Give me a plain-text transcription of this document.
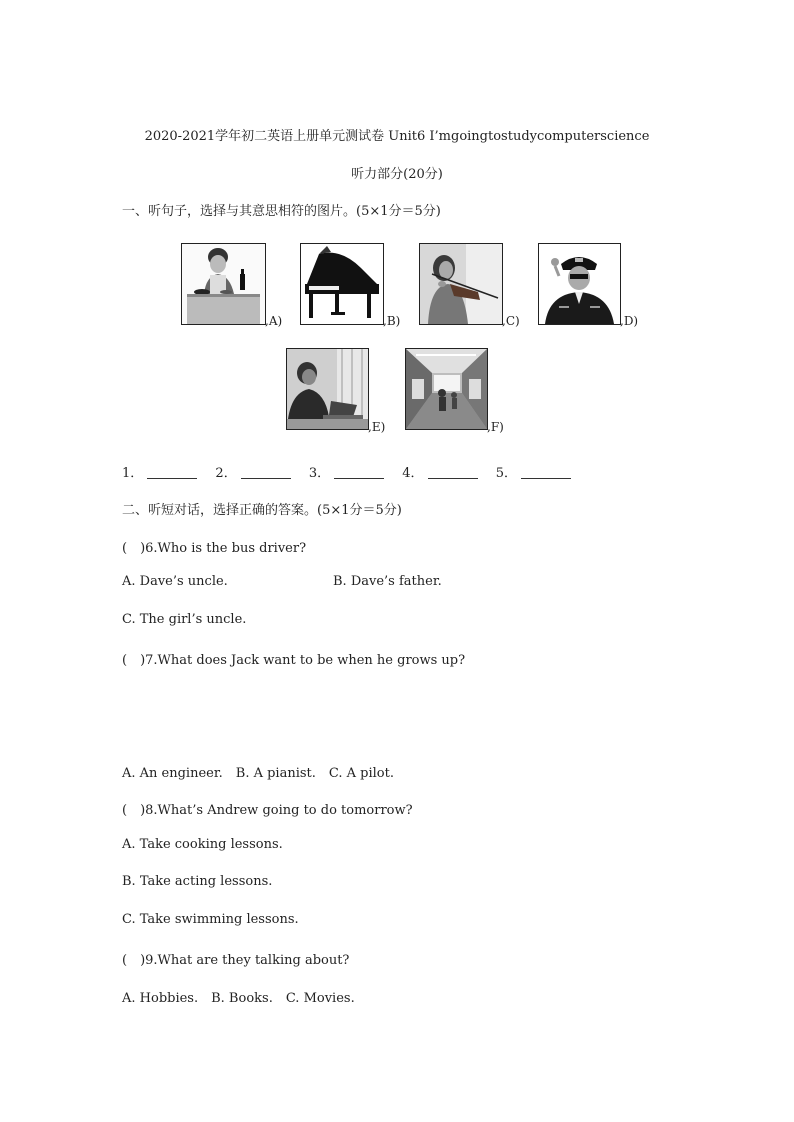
2020-2021学年初二英语上册单元测试卷 Unit6 I’mgoingtostudycomputerscience
听力部分(20分)
一、听句子，选择与其意思相符的图片。(5×1分＝5分)
,A)	,B)	,C)	,D)
,E)	,F)
1．	2．	3．	4．	5．
二、听短对话，选择正确的答案。(5×1分＝5分)
(　)6.Who is the bus driver?
A. Dave’s uncle.	B. Dave’s father.
C. The girl’s uncle.
(　)7.What does Jack want to be when he grows up?
A. An engineer.　B. A pianist.　C. A pilot.
(　)8.What’s Andrew going to do tomorrow?
A. Take cooking lessons.
B. Take acting lessons.
C. Take swimming lessons.
(　)9.What are they talking about?
A. Hobbies.　B. Books.　C. Movies.
